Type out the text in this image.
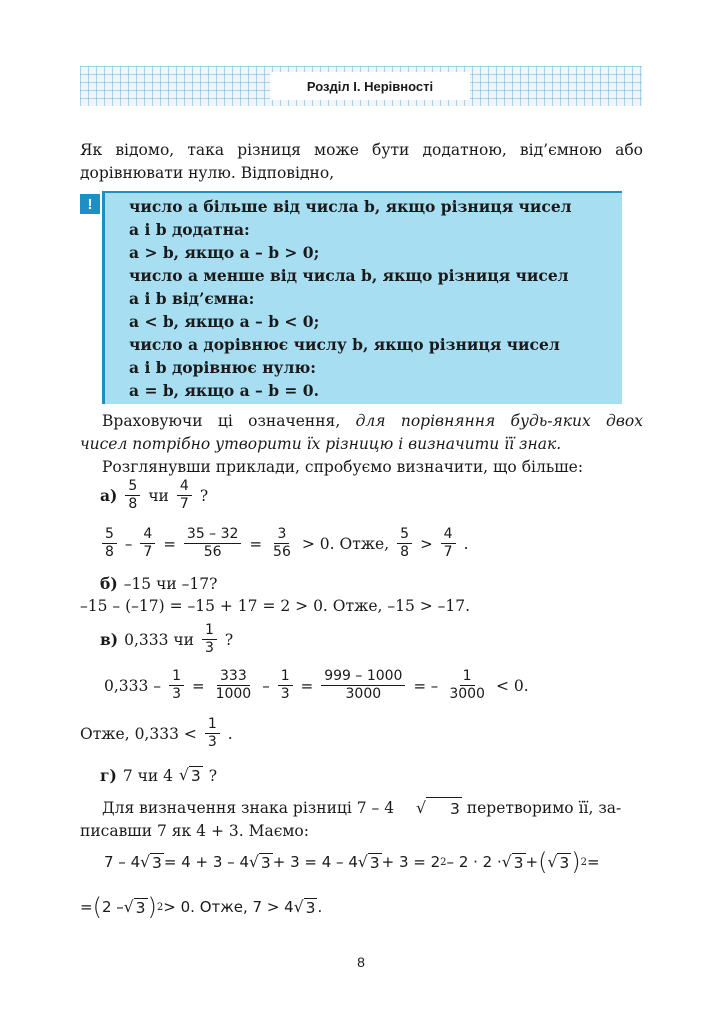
Розділ I. Нерівності
Як відомо, така різниця може бути додатною, від’ємною або
дорівнювати нулю. Відповідно,
!	число a більше від числа b, якщо різниця чисел
a і b додатна:
a > b, якщо a – b > 0;
число a менше від числа b, якщо різниця чисел
a і b від’ємна:
a < b, якщо a – b < 0;
число a дорівнює числу b, якщо різниця чисел
a і b дорівнює нулю:
a = b, якщо a – b = 0.
Враховуючи ці означення, для порівняння будь-яких двох
чисел потрібно утворити їх різницю і визначити її знак.
Розглянувши приклади, спробуємо визначити, що більше:
$а) \frac{5}{8}$ чи $\frac{4}{7}$ ?
$\frac{5}{8} - \frac{4}{7} = \frac{35 - 32}{56} = \frac{3}{56} > 0$. Отже, $\frac{5}{8} > \frac{4}{7}$ .
б) –15 чи –17?
–15 – (–17) = –15 + 17 = 2 > 0. Отже, –15 > –17.
в) 0,333 чи $\frac{1}{3}$ ?
$0,333 - \frac{1}{3} = \frac{333}{1000} - \frac{1}{3} = \frac{999 - 1000}{3000}$ = – $\frac{1}{3000} < 0$.
Отже, $0,333 < \frac{1}{3}$ .
г) 7 чи 4 √ 3 ?
Для визначення знака різниці 7 – 4	√	3 перетворимо її, за-
писавши 7 як 4 + 3. Маємо:
7 – 4 √ 3 = 4 + 3 – 4 √ 3 + 3 = 4 – 4 √ 3 + 3 = 2 2 – 2 · 2 · √ 3 + ( √ 3 ) 2 =
= ( 2 – √ 3 ) 2 > 0. Отже, 7 > 4 √ 3 .
8
